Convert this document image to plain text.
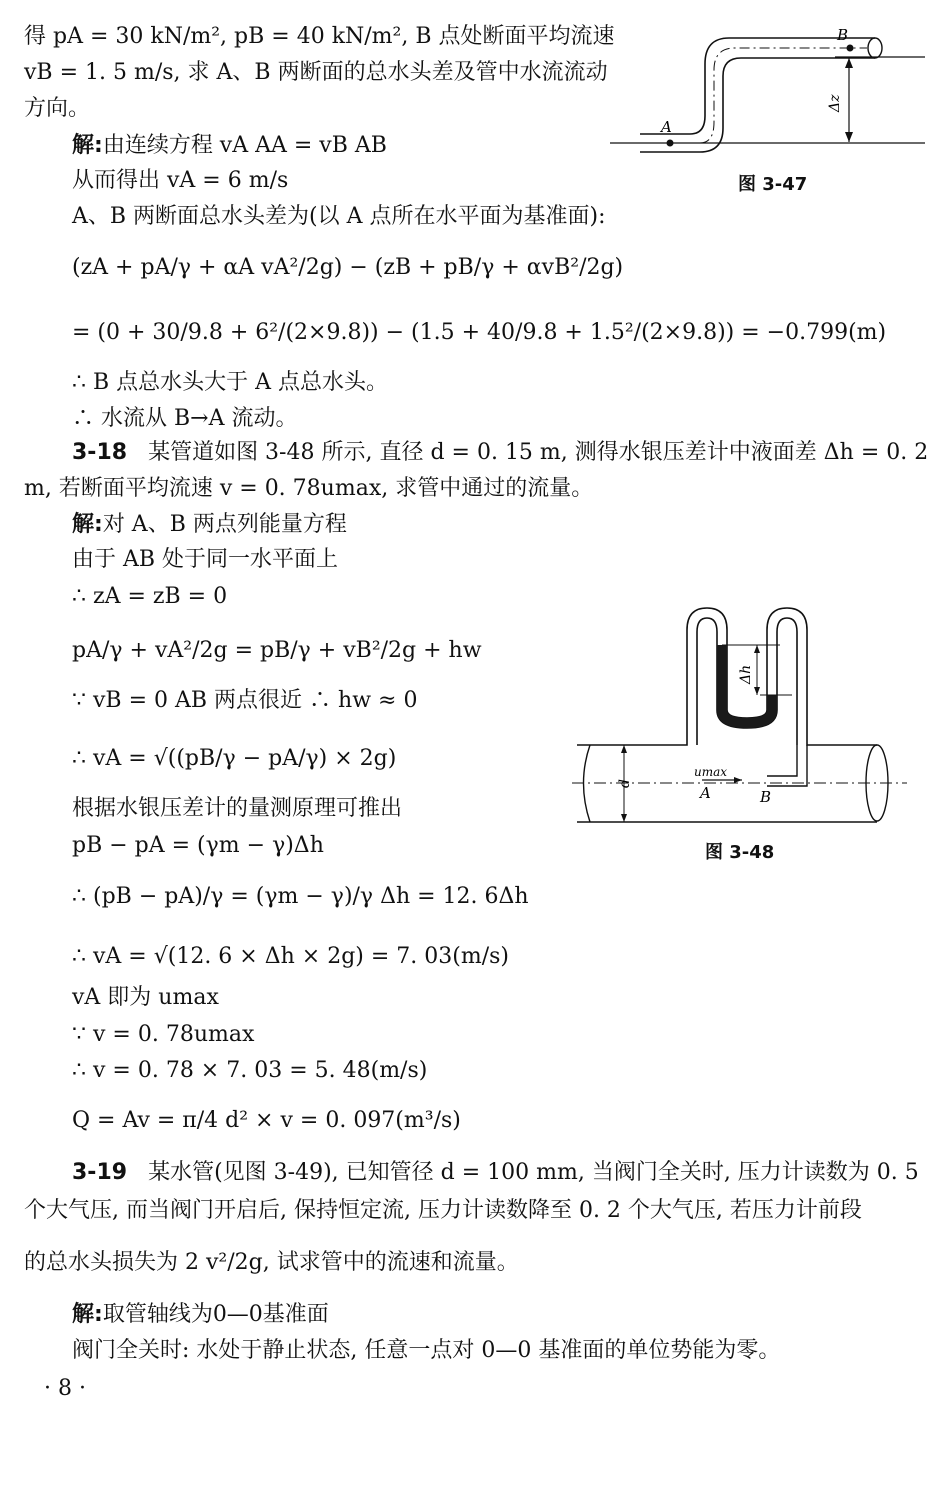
得 pA = 30 kN/m², pB = 40 kN/m², B 点处断面平均流速
vB = 1. 5 m/s, 求 A、B 两断面的总水头差及管中水流流动
方向。
解:由连续方程 vA AA = vB AB
从而得出 vA = 6 m/s
A、B 两断面总水头差为(以 A 点所在水平面为基准面):
(zA + pA/γ + αA vA²/2g) − (zB + pB/γ + αvB²/2g)
= (0 + 30/9.8 + 6²/(2×9.8)) − (1.5 + 40/9.8 + 1.5²/(2×9.8)) = −0.799(m)
∴ B 点总水头大于 A 点总水头。
∴ 水流从 B→A 流动。
A
B
Δz
图 3-47
3-18 某管道如图 3-48 所示, 直径 d = 0. 15 m, 测得水银压差计中液面差 Δh = 0. 2
m, 若断面平均流速 v = 0. 78umax, 求管中通过的流量。
解:对 A、B 两点列能量方程
由于 AB 处于同一水平面上
∴ zA = zB = 0
pA/γ + vA²/2g = pB/γ + vB²/2g + hw
∵ vB = 0 AB 两点很近 ∴ hw ≈ 0
∴ vA = √((pB/γ − pA/γ) × 2g)
根据水银压差计的量测原理可推出
pB − pA = (γm − γ)Δh
∴ (pB − pA)/γ = (γm − γ)/γ Δh = 12. 6Δh
∴ vA = √(12. 6 × Δh × 2g) = 7. 03(m/s)
vA 即为 umax
∵ v = 0. 78umax
∴ v = 0. 78 × 7. 03 = 5. 48(m/s)
Q = Av = π/4 d² × v = 0. 097(m³/s)
Δh
d
umax
A	B
图 3-48
3-19 某水管(见图 3-49), 已知管径 d = 100 mm, 当阀门全关时, 压力计读数为 0. 5
个大气压, 而当阀门开启后, 保持恒定流, 压力计读数降至 0. 2 个大气压, 若压力计前段
的总水头损失为 2 v²/2g, 试求管中的流速和流量。
解:取管轴线为0—0基准面
阀门全关时: 水处于静止状态, 任意一点对 0—0 基准面的单位势能为零。
· 8 ·
